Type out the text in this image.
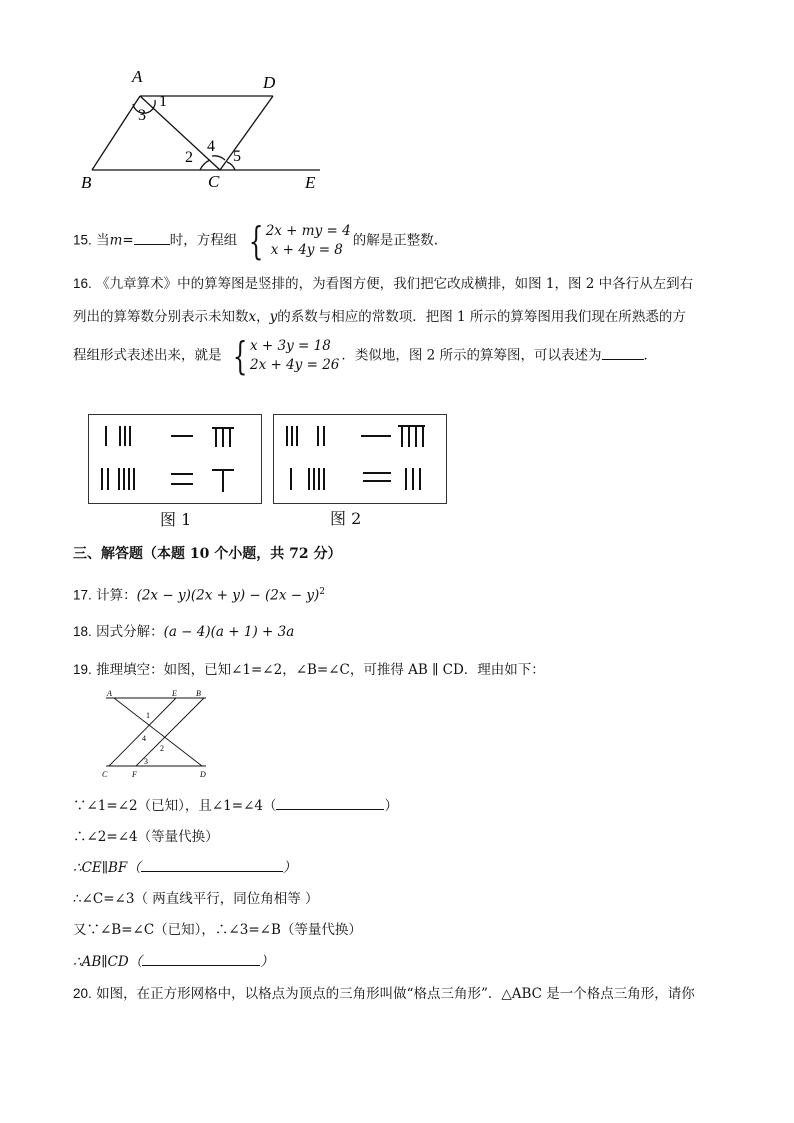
A	D
B	C	E
1
2
3
4
5
15. 当m=	时，方程组 { 2x + my = 4
x + 4y = 8
的解是正整数.
16. 《九章算术》中的算筹图是竖排的，为看图方便，我们把它改成横排，如图 1，图 2 中各行从左到右
列出的算筹数分别表示未知数x，y的系数与相应的常数项．把图 1 所示的算筹图用我们现在所熟悉的方
程组形式表述出来，就是 { x + 3y = 18
2x + 4y = 26
．类似地，图 2 所示的算筹图，可以表述为	．
图 1	图 2
三、解答题（本题 10 个小题，共 72 分）
17. 计算：$(2x - y)(2x + y) - (2x - y)^2$
18. 因式分解：(a − 4)(a + 1) + 3a
19. 推理填空：如图，已知∠1=∠2，∠B=∠C，可推得 AB ∥ CD．理由如下：
A	E B
C	F	D
1
2
3
4
∵∠1=∠2（已知），且∠1=∠4（	）
∴∠2=∠4（等量代换）
∴CE∥BF（	）
∴∠C=∠3（ 两直线平行，同位角相等 ）
又∵∠B=∠C（已知），∴∠3=∠B（等量代换）
∴AB∥CD（	）
20. 如图，在正方形网格中，以格点为顶点的三角形叫做“格点三角形”．△ABC 是一个格点三角形，请你
